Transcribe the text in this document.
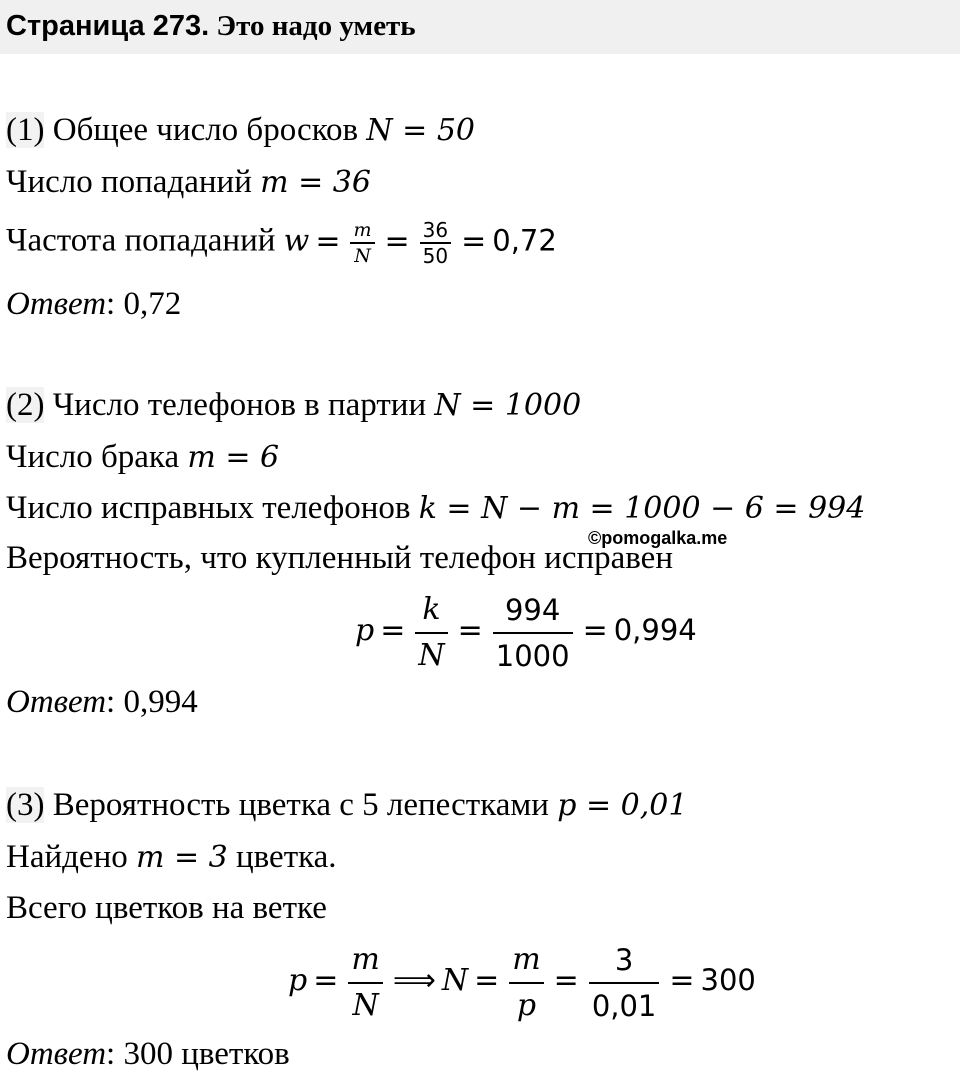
Страница 273. Это надо уметь
(1) Общее число бросков N = 50
Число попаданий m = 36
Частота попаданий $w = \frac{m}{N} = \frac{36}{50} = 0,72$
Ответ: 0,72
(2) Число телефонов в партии N = 1000
Число брака m = 6
Число исправных телефонов k = N − m = 1000 − 6 = 994
©pomogalka.me
Вероятность, что купленный телефон исправен
$p = \frac{k}{N} = \frac{994}{1000} = 0,994$
Ответ: 0,994
(3) Вероятность цветка с 5 лепестками p = 0,01
Найдено m = 3 цветка.
Всего цветков на ветке
$p = \frac{m}{N}$ ⟹ $N = \frac{m}{p} = \frac{3}{0,01} = 300$
Ответ: 300 цветков
